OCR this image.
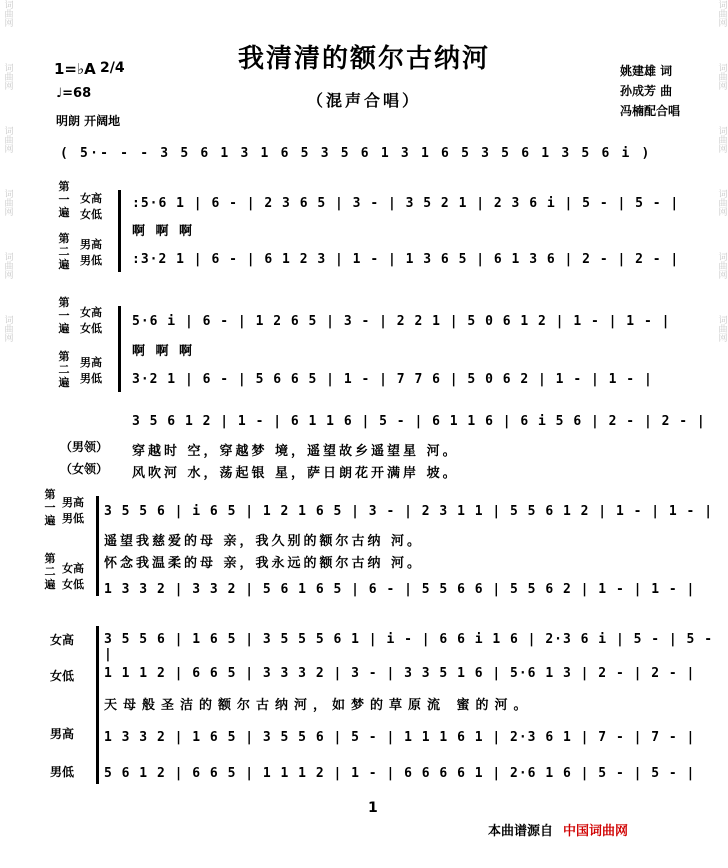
词曲网
词曲网
词曲网
词曲网
词曲网
词曲网
词曲网
词曲网
词曲网
词曲网
词曲网
词曲网
我清清的额尔古纳河
（混声合唱）
1=♭A 2/4
♩=68
明朗 开阔地
姚建雄 词
孙成芳 曲
冯楠配合唱
( 5·- - - 3 5 6 1 3 1 6 5 3 5 6 1 3 1 6 5 3 5 6 1 3 5 6 i )
第一遍
第二遍
女高
女低
男高
男低
:5·6 1 | 6 - | 2 3 6 5 | 3 - | 3 5 2 1 | 2 3 6 i | 5 - | 5 - |
啊 啊 啊
:3·2 1 | 6 - | 6 1 2 3 | 1 - | 1 3 6 5 | 6 1 3 6 | 2 - | 2 - |
第一遍
第二遍
女高
女低
男高
男低
5·6 i | 6 - | 1 2 6 5 | 3 - | 2 2 1 | 5 0 6 1 2 | 1 - | 1 - |
啊 啊 啊
3·2 1 | 6 - | 5 6 6 5 | 1 - | 7 7 6 | 5 0 6 2 | 1 - | 1 - |
3 5 6 1 2 | 1 - | 6 1 1 6 | 5 - | 6 1 1 6 | 6 i 5 6 | 2 - | 2 - |
（男领） 穿越时 空，穿越梦 境，遥望故乡遥望星 河。
（女领） 风吹河 水，荡起银 星，萨日朗花开满岸 坡。
第一遍
第二遍
男高
男低
女高
女低
3 5 5 6 | i 6 5 | 1 2 1 6 5 | 3 - | 2 3 1 1 | 5 5 6 1 2 | 1 - | 1 - |
遥望我慈爱的母 亲，我久别的额尔古纳 河。
怀念我温柔的母 亲，我永远的额尔古纳 河。
1 3 3 2 | 3 3 2 | 5 6 1 6 5 | 6 - | 5 5 6 6 | 5 5 6 2 | 1 - | 1 - |
女高
女低
男高
男低
3 5 5 6 | 1 6 5 | 3 5 5 5 6 1 | i - | 6 6 i 1 6 | 2·3 6 i | 5 - | 5 - |
1 1 1 2 | 6 6 5 | 3 3 3 2 | 3 - | 3 3 5 1 6 | 5·6 1 3 | 2 - | 2 - |
天母般圣洁的额尔古纳河，如梦的草原流 蜜的河。
1 3 3 2 | 1 6 5 | 3 5 5 6 | 5 - | 1 1 1 6 1 | 2·3 6 1 | 7 - | 7 - |
5 6 1 2 | 6 6 5 | 1 1 1 2 | 1 - | 6 6 6 6 1 | 2·6 1 6 | 5 - | 5 - |
1
本曲谱源自 中国词曲网
